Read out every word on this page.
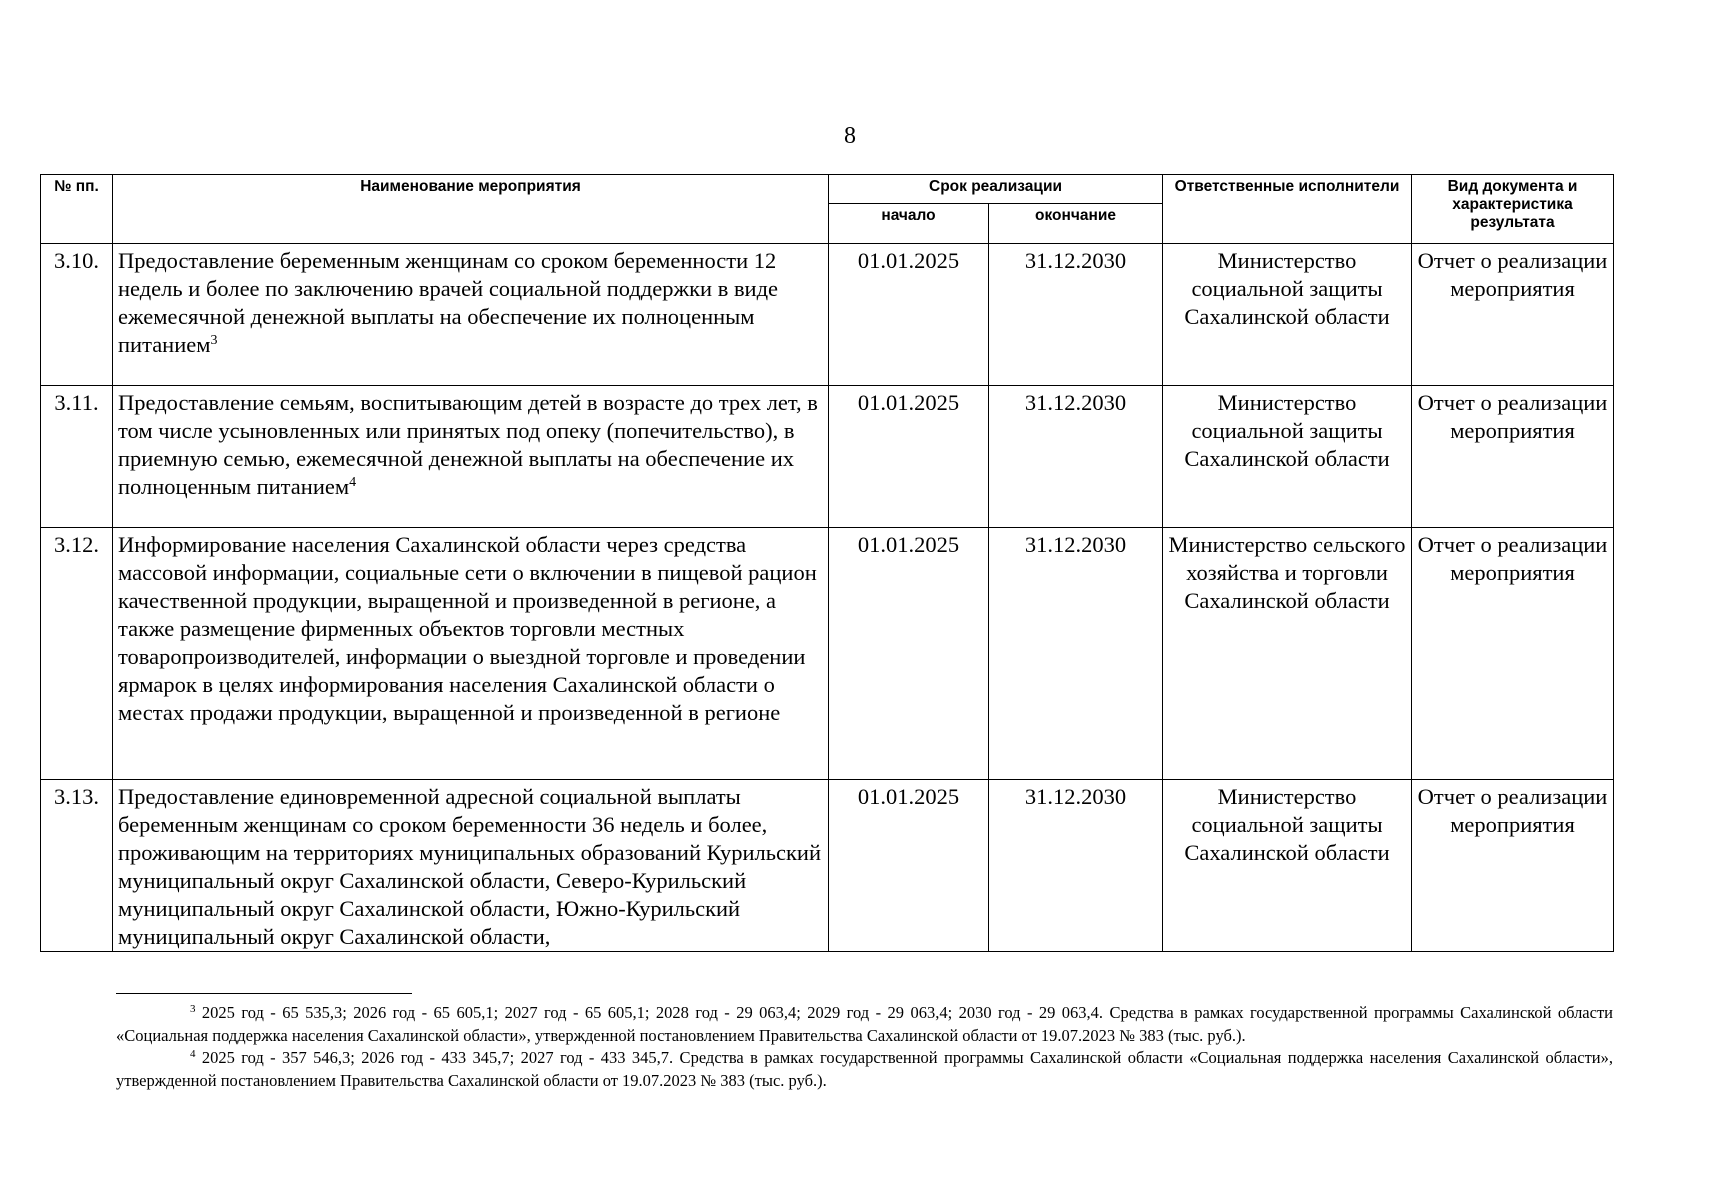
8
№ пп.	Наименование мероприятия	Срок реализации		Ответственные исполнители	Вид документа и характеристика результата
		начало	окончание		
3.10.	Предоставление беременным женщинам со сроком беременности 12 недель и более по заключению врачей социальной поддержки в виде ежемесячной денежной выплаты на обеспечение их полноценным питанием$^3$	01.01.2025	31.12.2030	Министерство социальной защиты Сахалинской области	Отчет о реализации мероприятия
3.11.	Предоставление семьям, воспитывающим детей в возрасте до трех лет, в том числе усыновленных или принятых под опеку (попечительство), в приемную семью, ежемесячной денежной выплаты на обеспечение их полноценным питанием$^4$	01.01.2025	31.12.2030	Министерство социальной защиты Сахалинской области	Отчет о реализации мероприятия
3.12.	Информирование населения Сахалинской области через средства массовой информации, социальные сети о включении в пищевой рацион качественной продукции, выращенной и произведенной в регионе, а также размещение фирменных объектов торговли местных товаропроизводителей, информации о выездной торговле и проведении ярмарок в целях информирования населения Сахалинской области о местах продажи продукции, выращенной и произведенной в регионе	01.01.2025	31.12.2030	Министерство сельского хозяйства и торговли Сахалинской области	Отчет о реализации мероприятия
3.13.	Предоставление единовременной адресной социальной выплаты беременным женщинам со сроком беременности 36 недель и более, проживающим на территориях муниципальных образований Курильский муниципальный округ Сахалинской области, Северо-Курильский муниципальный округ Сахалинской области, Южно-Курильский муниципальный округ Сахалинской области,	01.01.2025	31.12.2030	Министерство социальной защиты Сахалинской области	Отчет о реализации мероприятия

$^3$ 2025 год - 65 535,3; 2026 год - 65 605,1; 2027 год - 65 605,1; 2028 год - 29 063,4; 2029 год - 29 063,4; 2030 год - 29 063,4. Средства в рамках государственной программы Сахалинской области «Социальная поддержка населения Сахалинской области», утвержденной постановлением Правительства Сахалинской области от 19.07.2023 № 383 (тыс. руб.).

$^4$ 2025 год - 357 546,3; 2026 год - 433 345,7; 2027 год - 433 345,7. Средства в рамках государственной программы Сахалинской области «Социальная поддержка населения Сахалинской области», утвержденной постановлением Правительства Сахалинской области от 19.07.2023 № 383 (тыс. руб.).
